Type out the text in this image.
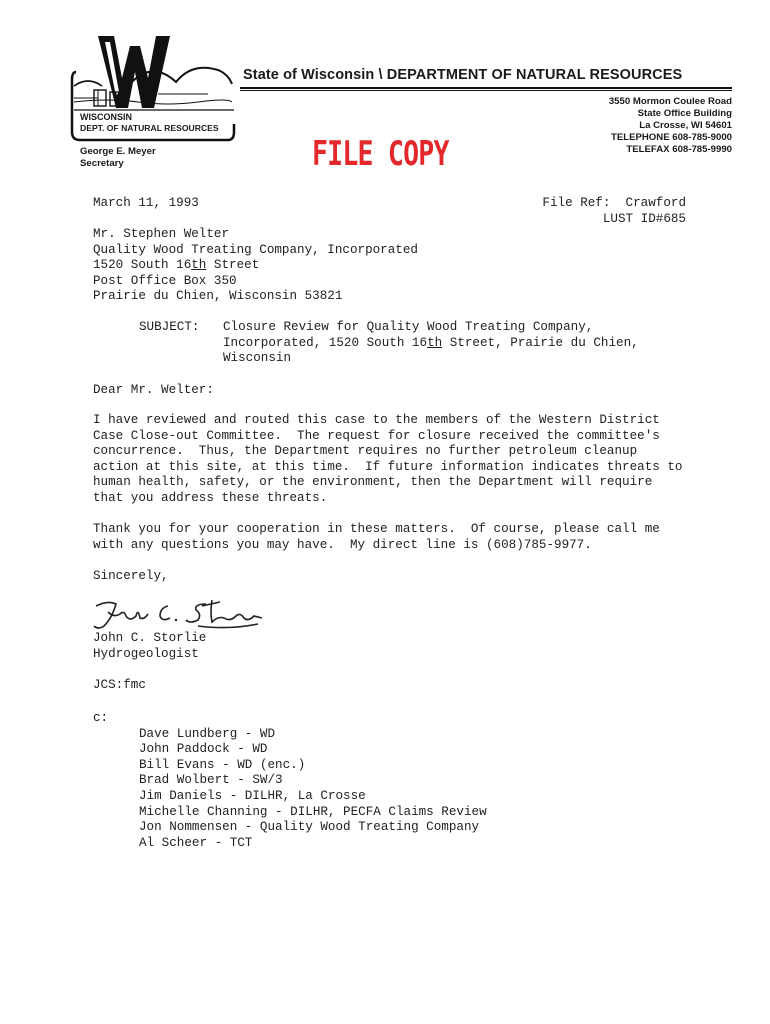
WISCONSIN
DEPT. OF NATURAL RESOURCES
State of Wisconsin \ DEPARTMENT OF NATURAL RESOURCES
3550 Mormon Coulee Road
State Office Building
La Crosse, WI 54601
TELEPHONE 608-785-9000
TELEFAX 608-785-9990
George E. Meyer
Secretary	FILE COPY
March 11, 1993	File Ref:  Crawford
LUST ID#685
Mr. Stephen Welter
Quality Wood Treating Company, Incorporated
1520 South 16th Street
Post Office Box 350
Prairie du Chien, Wisconsin 53821
SUBJECT: Closure Review for Quality Wood Treating Company,
Incorporated, 1520 South 16th Street, Prairie du Chien,
Wisconsin
Dear Mr. Welter:
I have reviewed and routed this case to the members of the Western District
Case Close-out Committee.  The request for closure received the committee's
concurrence.  Thus, the Department requires no further petroleum cleanup
action at this site, at this time.  If future information indicates threats to
human health, safety, or the environment, then the Department will require
that you address these threats.
Thank you for your cooperation in these matters.  Of course, please call me
with any questions you may have.  My direct line is (608)785-9977.
Sincerely,
John C. Storlie
Hydrogeologist
JCS:fmc
c:

Dave Lundberg - WD
John Paddock - WD
Bill Evans - WD (enc.)
Brad Wolbert - SW/3
Jim Daniels - DILHR, La Crosse
Michelle Channing - DILHR, PECFA Claims Review
Jon Nommensen - Quality Wood Treating Company
Al Scheer - TCT
